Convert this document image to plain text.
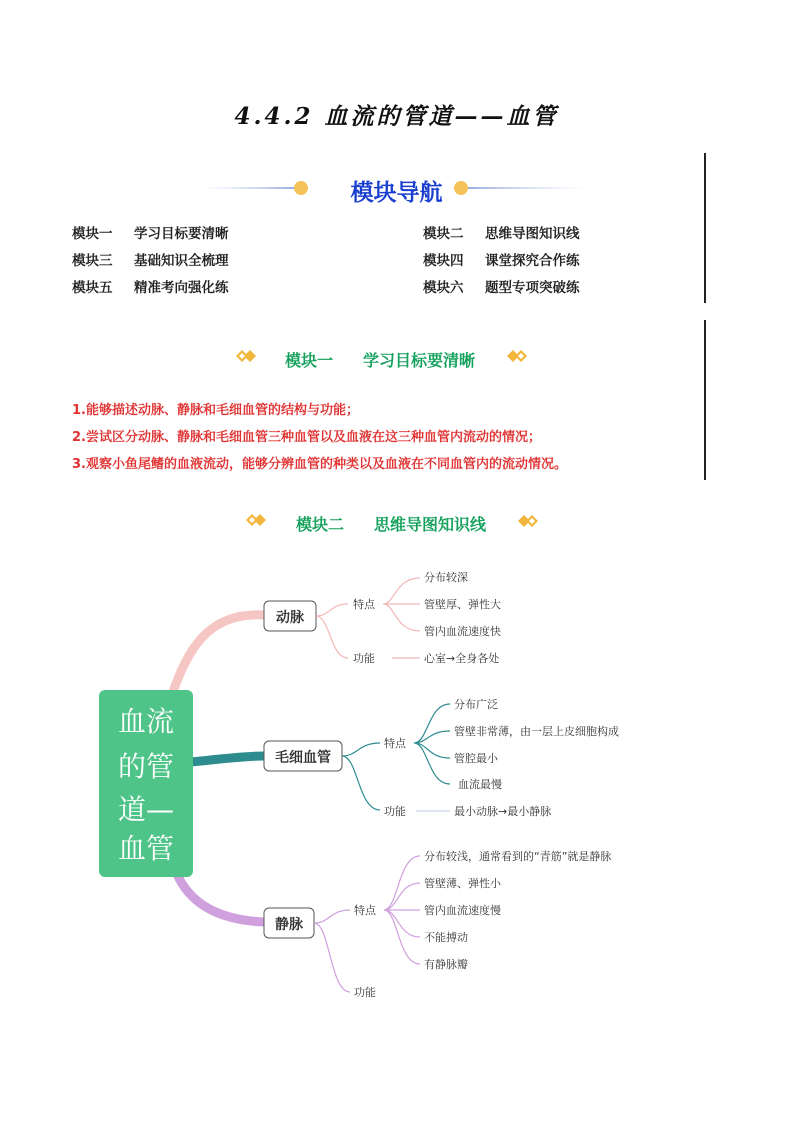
4.4.2 血流的管道——血管
模块导航
模块一 学习目标要清晰	模块二 思维导图知识线
模块三 基础知识全梳理	模块四 课堂探究合作练
模块五 精准考向强化练	模块六 题型专项突破练
模块一 学习目标要清晰
1.能够描述动脉、静脉和毛细血管的结构与功能；
2.尝试区分动脉、静脉和毛细血管三种血管以及血液在这三种血管内流动的情况；
3.观察小鱼尾鳍的血液流动，能够分辨血管的种类以及血液在不同血管内的流动情况。
模块二 思维导图知识线
血流
的管
道—
血管
动脉
特点
分布较深
管壁厚、弹性大
管内血流速度快
功能	心室→全身各处
毛细血管
特点
分布广泛
管壁非常薄，由一层上皮细胞构成
管腔最小
血流最慢
功能	最小动脉→最小静脉
静脉
特点
分布较浅，通常看到的“青筋”就是静脉
管壁薄、弹性小
管内血流速度慢
不能搏动
有静脉瓣
功能
